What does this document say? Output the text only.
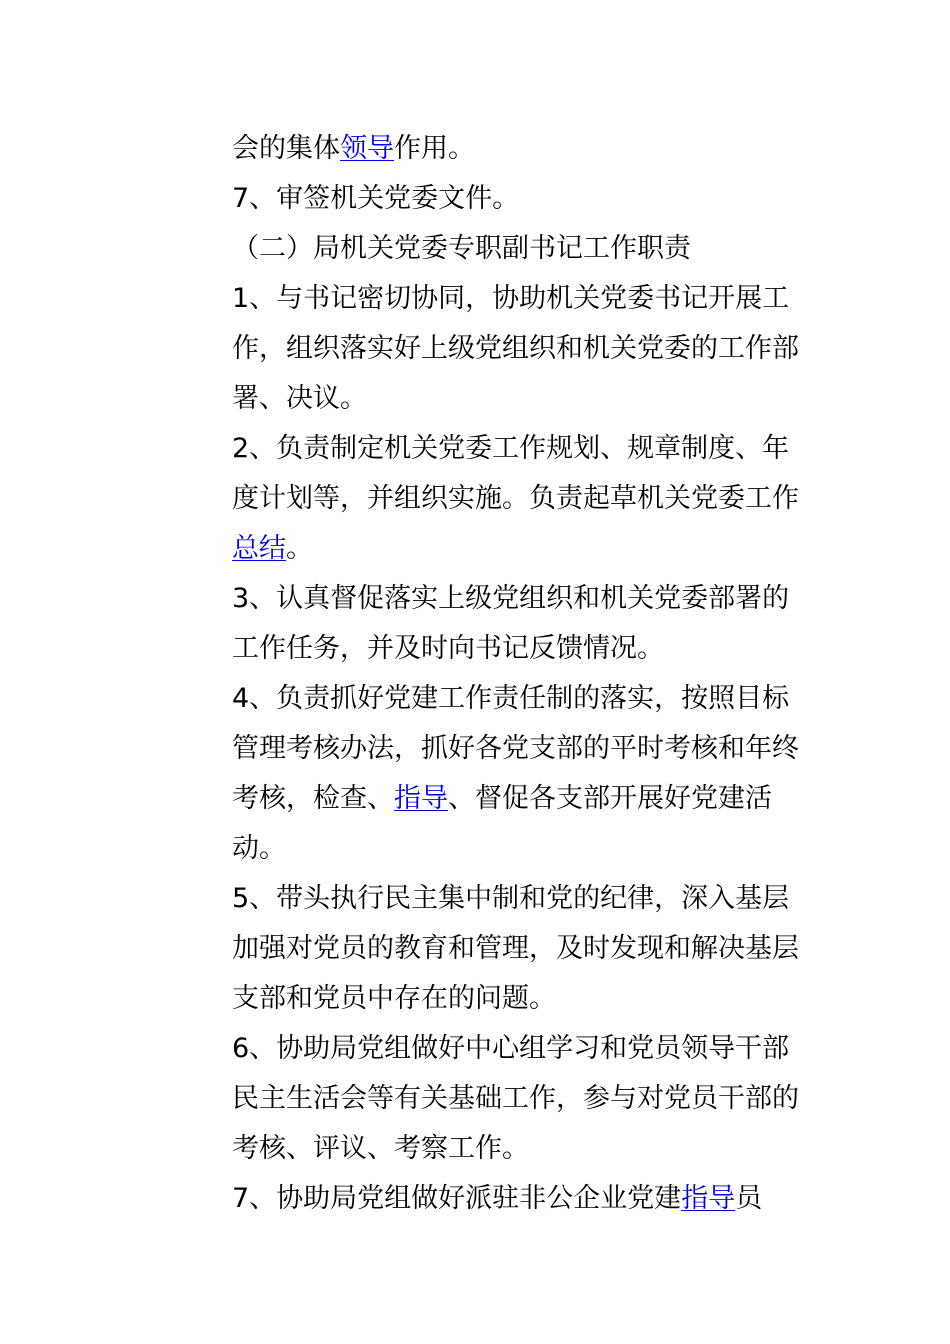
会的集体领导作用。

7、审签机关党委文件。

（二）局机关党委专职副书记工作职责

1、与书记密切协同，协助机关党委书记开展工作，组织落实好上级党组织和机关党委的工作部署、决议。

2、负责制定机关党委工作规划、规章制度、年度计划等，并组织实施。负责起草机关党委工作总结。

3、认真督促落实上级党组织和机关党委部署的工作任务，并及时向书记反馈情况。

4、负责抓好党建工作责任制的落实，按照目标管理考核办法，抓好各党支部的平时考核和年终考核，检查、指导、督促各支部开展好党建活动。

5、带头执行民主集中制和党的纪律，深入基层加强对党员的教育和管理，及时发现和解决基层支部和党员中存在的问题。

6、协助局党组做好中心组学习和党员领导干部民主生活会等有关基础工作，参与对党员干部的考核、评议、考察工作。

7、协助局党组做好派驻非公企业党建指导员
